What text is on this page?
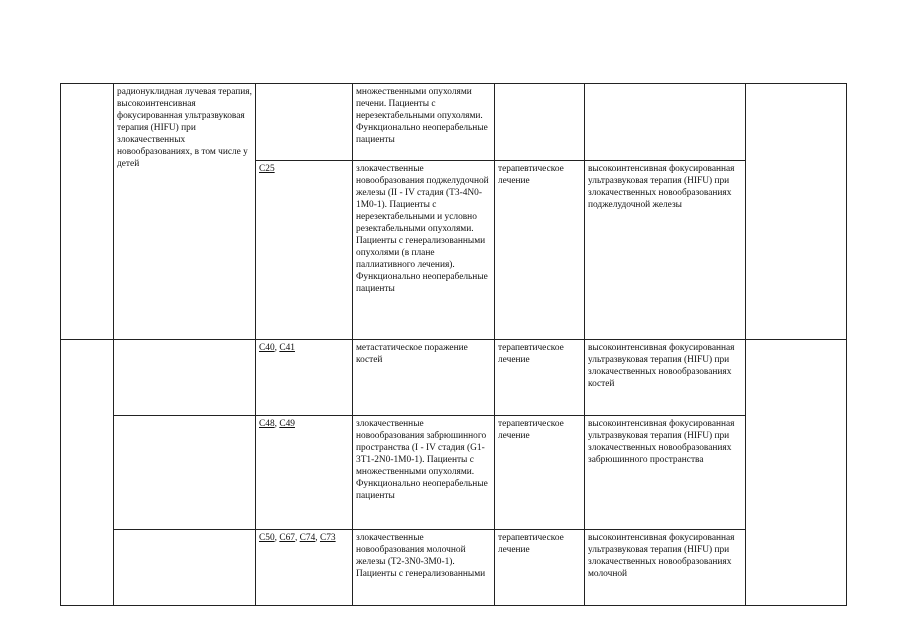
	радионуклидная лучевая терапия, высокоинтенсивная фокусированная ультразвуковая терапия (HIFU) при злокачественных новообразованиях, в том числе у детей		множественными опухолями печени. Пациенты с нерезектабельными опухолями. Функционально неоперабельные пациенты			
		C25	злокачественные новообразования поджелудочной железы (II - IV стадия (T3-4N0-1M0-1). Пациенты с нерезектабельными и условно резектабельными опухолями. Пациенты с генерализованными опухолями (в плане паллиативного лечения). Функционально неоперабельные пациенты	терапевтическое лечение	высокоинтенсивная фокусированная ультразвуковая терапия (HIFU) при злокачественных новообразованиях поджелудочной железы	
		C40, C41	метастатическое поражение костей	терапевтическое лечение	высокоинтенсивная фокусированная ультразвуковая терапия (HIFU) при злокачественных новообразованиях костей	
		C48, C49	злокачественные новообразования забрюшинного пространства (I - IV стадия (G1-3T1-2N0-1M0-1). Пациенты с множественными опухолями. Функционально неоперабельные пациенты	терапевтическое лечение	высокоинтенсивная фокусированная ультразвуковая терапия (HIFU) при злокачественных новообразованиях забрюшинного пространства	
		C50, C67, C74, C73	злокачественные новообразования молочной железы (T2-3N0-3M0-1). Пациенты с генерализованными	терапевтическое лечение	высокоинтенсивная фокусированная ультразвуковая терапия (HIFU) при злокачественных новообразованиях молочной	
